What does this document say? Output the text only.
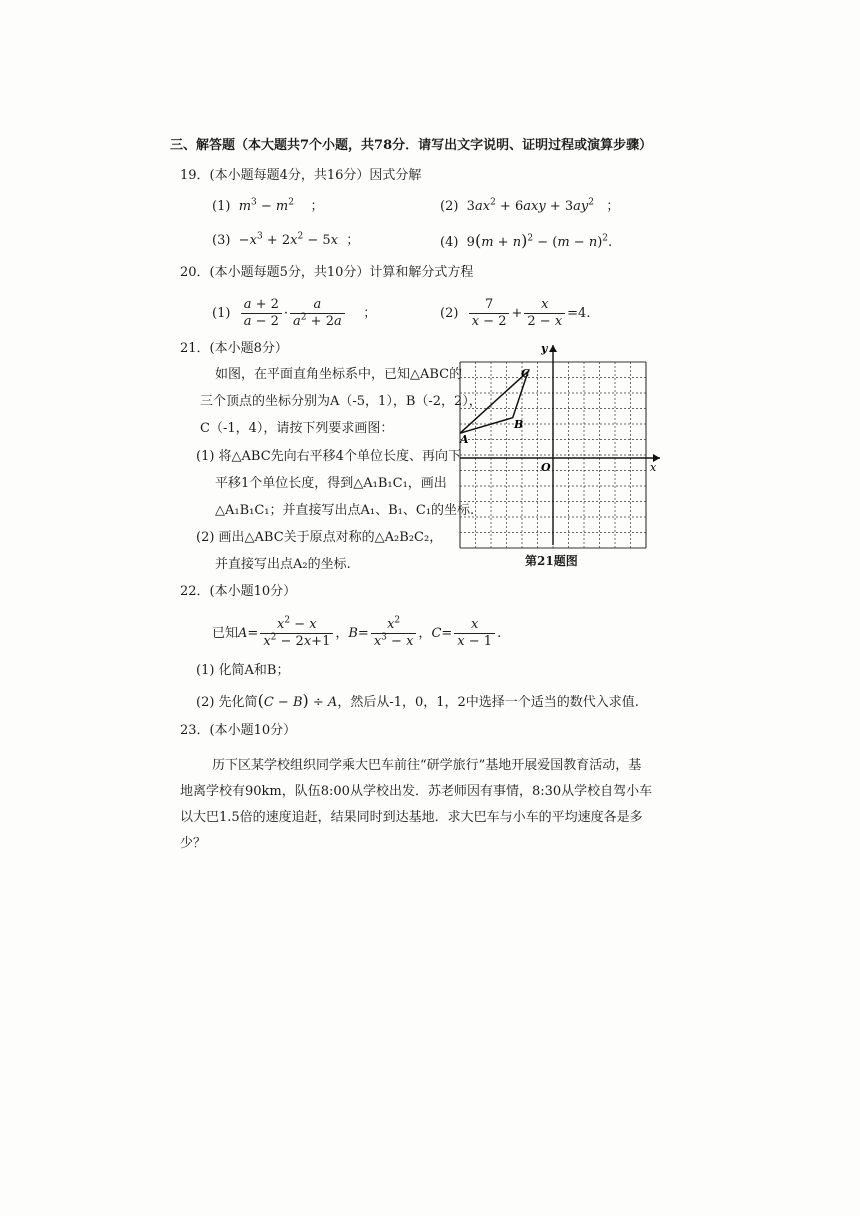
三、解答题（本大题共7个小题，共78分．请写出文字说明、证明过程或演算步骤）
19．(本小题每题4分，共16分）因式分解
(1) $m^3 - m^2$    ；	(2)  $3ax^2 + 6axy + 3ay^2$   ；
$(3) -x^3 + 2x^2 - 5x$  ；	(4)  $9(m + n)^2 - (m - n)^2$.
20．(本小题每题5分，共10分）计算和解分式方程
$(1) \frac{a + 2}{a - 2} \cdot \frac{a}{a^2 + 2a}$ ；	$(2) \frac{7}{x - 2} + \frac{x}{2 - x} =4$.
21．(本小题8分）
如图，在平面直角坐标系中，已知△ABC的
三个顶点的坐标分别为A（-5，1），B（-2，2），
C（-1，4），请按下列要求画图：
(1) 将△ABC先向右平移4个单位长度、再向下
平移1个单位长度，得到△A₁B₁C₁，画出
△A₁B₁C₁；并直接写出点A₁、B₁、C₁的坐标.
(2) 画出△ABC关于原点对称的△A₂B₂C₂，
并直接写出点A₂的坐标.
A
B
C
O	x
y
第21题图
22．(本小题10分）
已知$A= \frac{x^2 - x}{x^2 - 2x+1}$ ，$B= \frac{x^2}{x^3 - x}$ ，$C= \frac{x}{x - 1}$ .
(1) 化简A和B；
(2) 先化简(C − B) ÷ A，然后从-1，0，1，2中选择一个适当的数代入求值.
23．(本小题10分）
历下区某学校组织同学乘大巴车前往“研学旅行”基地开展爱国教育活动，基
地离学校有90km，队伍8:00从学校出发．苏老师因有事情，8:30从学校自驾小车
以大巴1.5倍的速度追赶，结果同时到达基地．求大巴车与小车的平均速度各是多
少？
